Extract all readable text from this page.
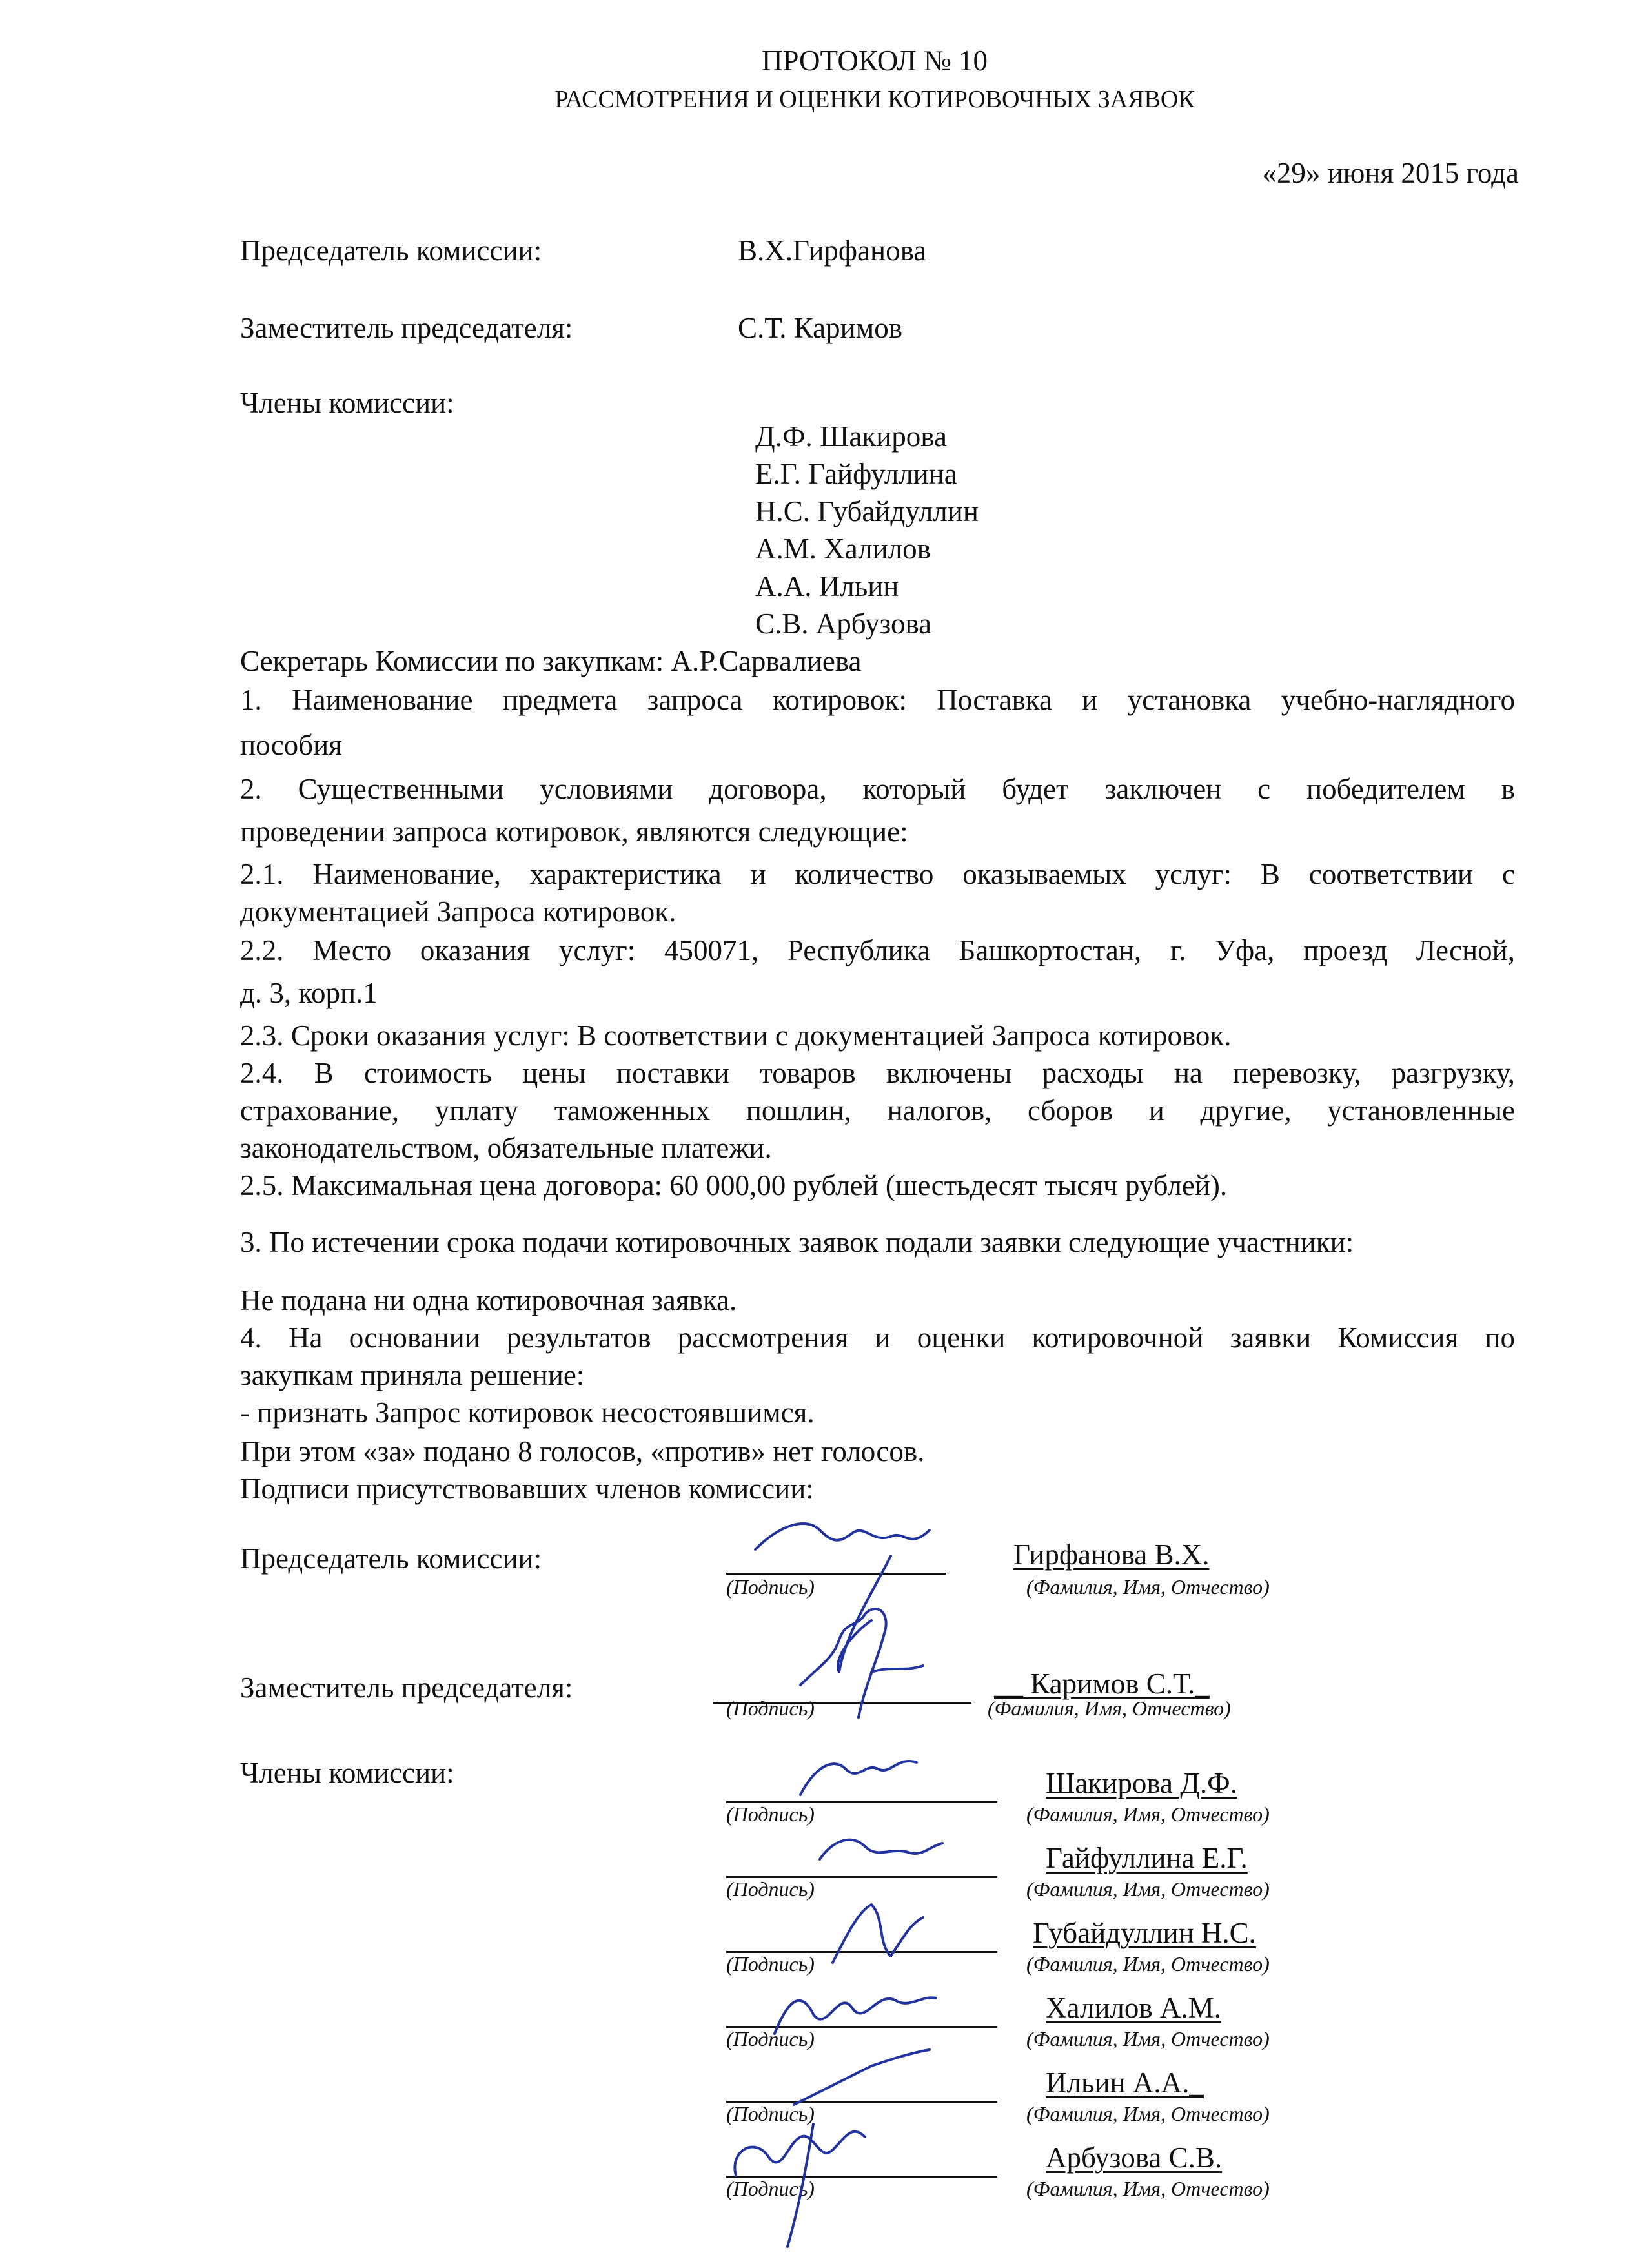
ПРОТОКОЛ № 10
РАССМОТРЕНИЯ И ОЦЕНКИ КОТИРОВОЧНЫХ ЗАЯВОК
«29» июня 2015 года
Председатель комиссии:	В.Х.Гирфанова
Заместитель председателя:	С.Т. Каримов
Члены комиссии:
Д.Ф. Шакирова
Е.Г. Гайфуллина
Н.С. Губайдуллин
А.М. Халилов
А.А. Ильин
С.В. Арбузова
Секретарь Комиссии по закупкам: А.Р.Сарвалиева
1. Наименование предмета запроса котировок: Поставка и установка учебно-наглядного
пособия
2. Существенными условиями договора, который будет заключен с победителем в
проведении запроса котировок, являются следующие:
2.1. Наименование, характеристика и количество оказываемых услуг: В соответствии с
документацией Запроса котировок.
2.2. Место оказания услуг: 450071, Республика Башкортостан, г. Уфа, проезд Лесной,
д. 3, корп.1
2.3. Сроки оказания услуг: В соответствии с документацией Запроса котировок.
2.4. В стоимость цены поставки товаров включены расходы на перевозку, разгрузку,
страхование, уплату таможенных пошлин, налогов, сборов и другие, установленные
законодательством, обязательные платежи.
2.5. Максимальная цена договора: 60 000,00 рублей (шестьдесят тысяч рублей).
3. По истечении срока подачи котировочных заявок подали заявки следующие участники:
Не подана ни одна котировочная заявка.
4. На основании результатов рассмотрения и оценки котировочной заявки Комиссия по
закупкам приняла решение:
- признать Запрос котировок несостоявшимся.
При этом «за» подано 8 голосов, «против» нет голосов.
Подписи присутствовавших членов комиссии:
Председатель комиссии:
(Подпись)
Гирфанова В.Х.
(Фамилия, Имя, Отчество)
Заместитель председателя:
(Подпись)
__ Каримов С.Т._
(Фамилия, Имя, Отчество)
Члены комиссии:
(Подпись)
Шакирова Д.Ф.
(Фамилия, Имя, Отчество)
(Подпись)
Гайфуллина Е.Г.
(Фамилия, Имя, Отчество)
(Подпись)
Губайдуллин Н.С.
(Фамилия, Имя, Отчество)
(Подпись)
Халилов А.М.
(Фамилия, Имя, Отчество)
(Подпись)
Ильин А.А._
(Фамилия, Имя, Отчество)
(Подпись)
Арбузова С.В.
(Фамилия, Имя, Отчество)
